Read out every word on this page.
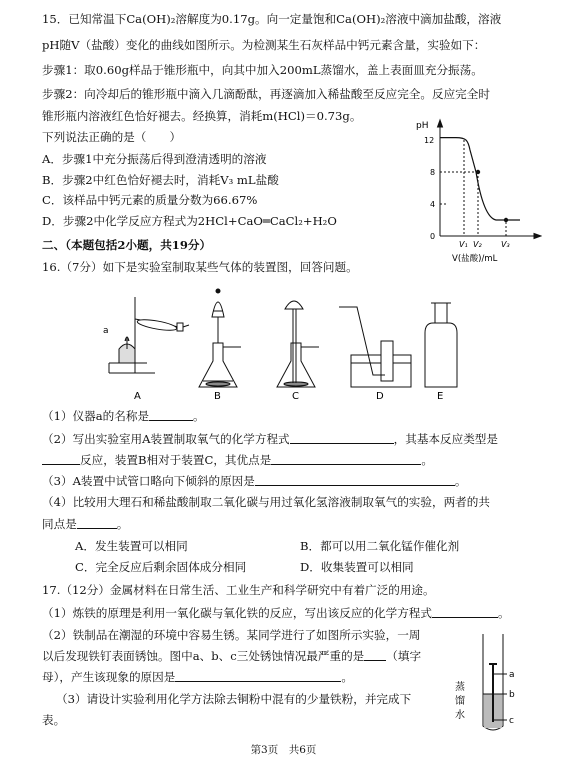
15．已知常温下Ca(OH)₂溶解度为0.17g。向一定量饱和Ca(OH)₂溶液中滴加盐酸，溶液
pH随V（盐酸）变化的曲线如图所示。为检测某生石灰样品中钙元素含量，实验如下：
步骤1：取0.60g样品于锥形瓶中，向其中加入200mL蒸馏水，盖上表面皿充分振荡。
步骤2：向冷却后的锥形瓶中滴入几滴酚酞，再逐滴加入稀盐酸至反应完全。反应完全时
锥形瓶内溶液红色恰好褪去。经换算，消耗m(HCl)＝0.73g。
下列说法正确的是（　　）
A．步骤1中充分振荡后得到澄清透明的溶液
B．步骤2中红色恰好褪去时，消耗V₃ mL盐酸
C．该样品中钙元素的质量分数为66.67%
D．步骤2中化学反应方程式为2HCl+CaO═CaCl₂+H₂O
pH
12
8
4
0
V₁ V₂ V₃
V(盐酸)/mL
二、（本题包括2小题，共19分）
16.（7分）如下是实验室制取某些气体的装置图，回答问题。
a
A	B	C	D	E
（1）仪器a的名称是	。
（2）写出实验室用A装置制取氧气的化学方程式	，其基本反应类型是
反应，装置B相对于装置C，其优点是	。
（3）A装置中试管口略向下倾斜的原因是	。
（4）比较用大理石和稀盐酸制取二氧化碳与用过氧化氢溶液制取氧气的实验，两者的共
同点是	。
A．发生装置可以相同	B．都可以用二氧化锰作催化剂
C．完全反应后剩余固体成分相同	D．收集装置可以相同
17.（12分）金属材料在日常生活、工业生产和科学研究中有着广泛的用途。
（1）炼铁的原理是利用一氧化碳与氧化铁的反应，写出该反应的化学方程式	。
（2）铁制品在潮湿的环境中容易生锈。某同学进行了如图所示实验，一周
以后发现铁钉表面锈蚀。图中a、b、c三处锈蚀情况最严重的是 （填字
母），产生该现象的原因是	。
（3）请设计实验利用化学方法除去铜粉中混有的少量铁粉，并完成下
表。
a
b
c
蒸
馏
水
第3页　共6页
